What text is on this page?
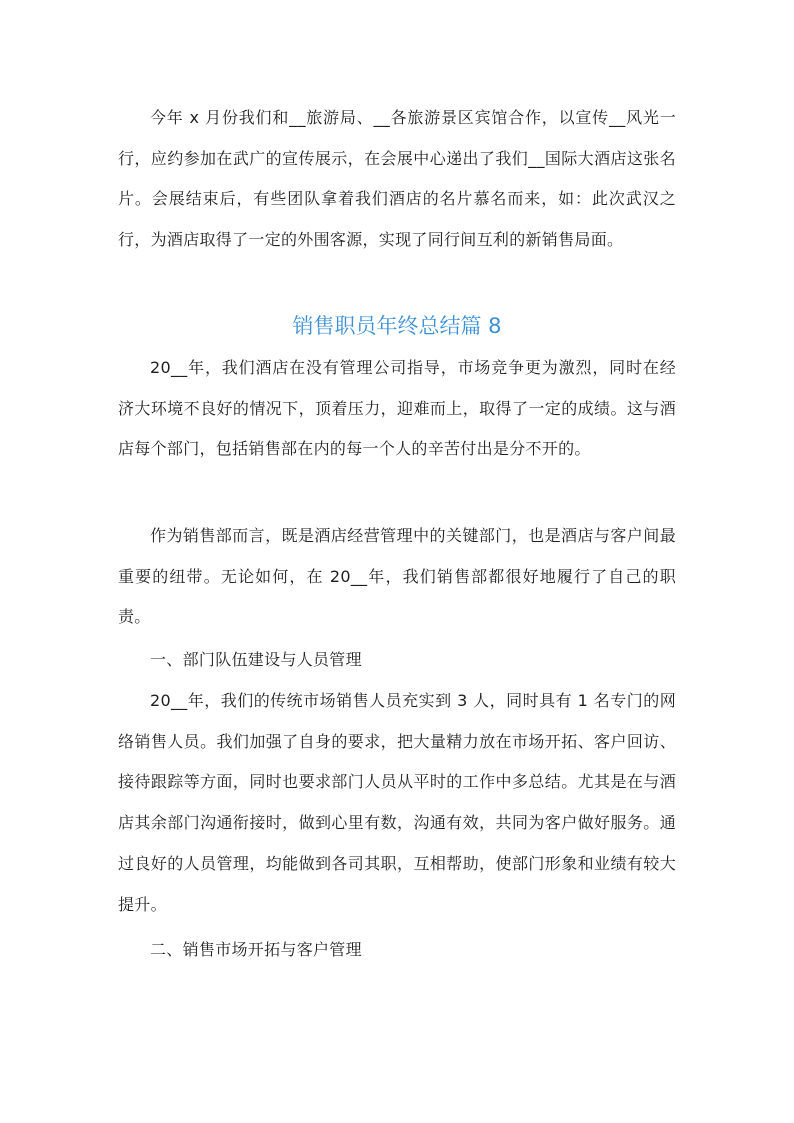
今年 x 月份我们和__旅游局、__各旅游景区宾馆合作，以宣传__风光一行，应约参加在武广的宣传展示，在会展中心递出了我们__国际大酒店这张名片。会展结束后，有些团队拿着我们酒店的名片慕名而来，如：此次武汉之行，为酒店取得了一定的外围客源，实现了同行间互利的新销售局面。

销售职员年终总结篇 8

20__年，我们酒店在没有管理公司指导，市场竞争更为激烈，同时在经济大环境不良好的情况下，顶着压力，迎难而上，取得了一定的成绩。这与酒店每个部门，包括销售部在内的每一个人的辛苦付出是分不开的。

作为销售部而言，既是酒店经营管理中的关键部门，也是酒店与客户间最重要的纽带。无论如何，在 20__年，我们销售部都很好地履行了自己的职责。

一、部门队伍建设与人员管理

20__年，我们的传统市场销售人员充实到 3 人，同时具有 1 名专门的网络销售人员。我们加强了自身的要求，把大量精力放在市场开拓、客户回访、接待跟踪等方面，同时也要求部门人员从平时的工作中多总结。尤其是在与酒店其余部门沟通衔接时，做到心里有数，沟通有效，共同为客户做好服务。通过良好的人员管理，均能做到各司其职，互相帮助，使部门形象和业绩有较大提升。

二、销售市场开拓与客户管理
